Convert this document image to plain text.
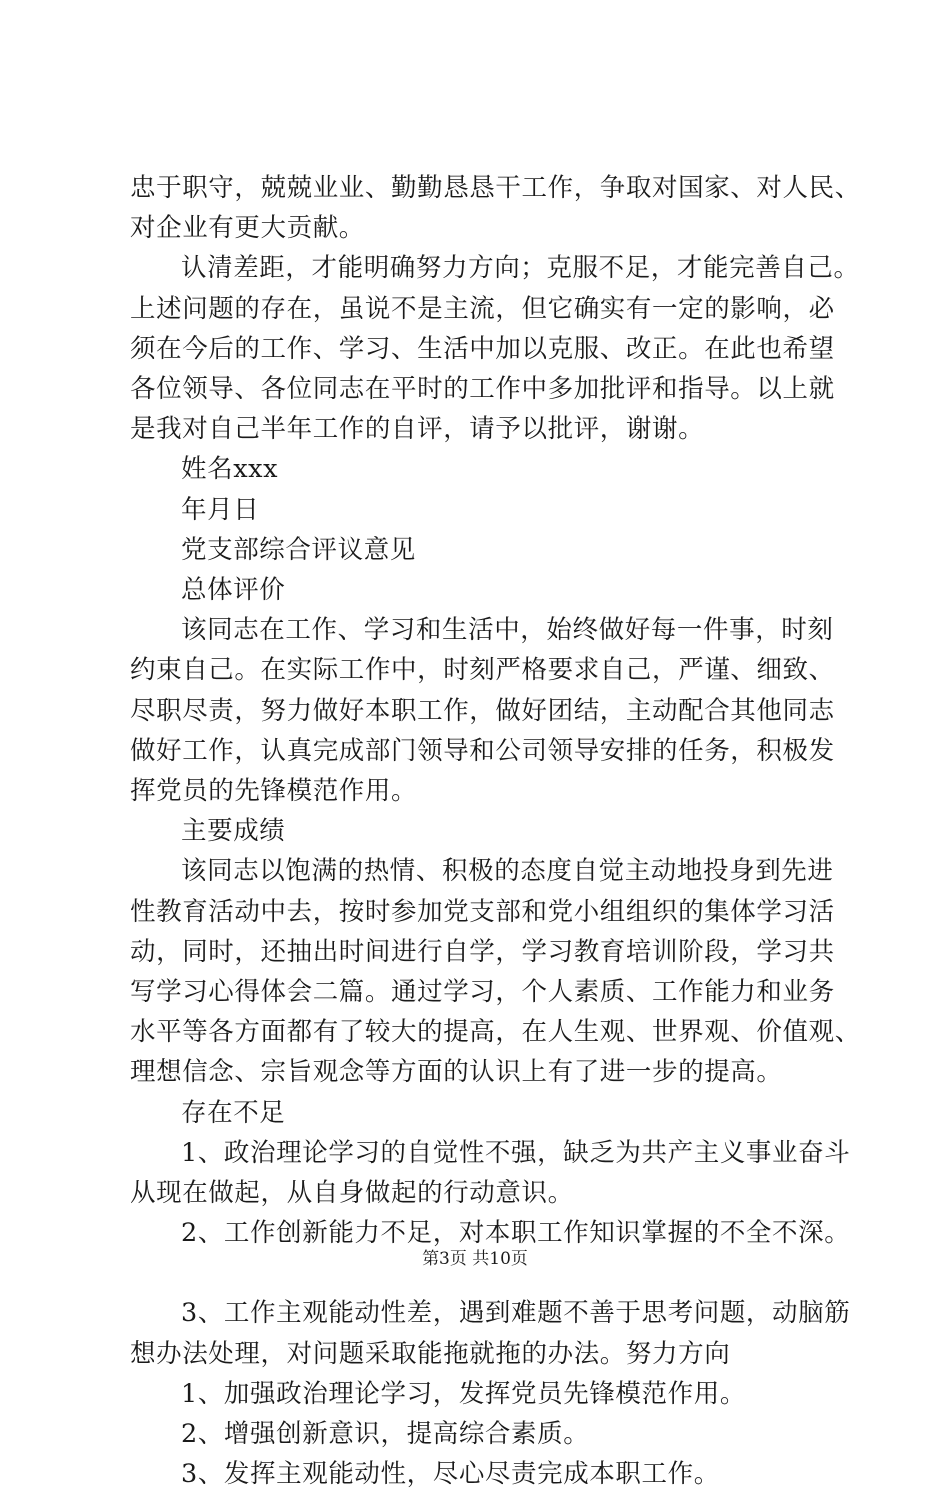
忠于职守，兢兢业业、勤勤恳恳干工作，争取对国家、对人民、

对企业有更大贡献。

认清差距，才能明确努力方向；克服不足，才能完善自己。

上述问题的存在，虽说不是主流，但它确实有一定的影响，必

须在今后的工作、学习、生活中加以克服、改正。在此也希望

各位领导、各位同志在平时的工作中多加批评和指导。以上就

是我对自己半年工作的自评，请予以批评，谢谢。

姓名xxx

年月日

党支部综合评议意见

总体评价

该同志在工作、学习和生活中，始终做好每一件事，时刻

约束自己。在实际工作中，时刻严格要求自己，严谨、细致、

尽职尽责，努力做好本职工作，做好团结，主动配合其他同志

做好工作，认真完成部门领导和公司领导安排的任务，积极发

挥党员的先锋模范作用。

主要成绩

该同志以饱满的热情、积极的态度自觉主动地投身到先进

性教育活动中去，按时参加党支部和党小组组织的集体学习活

动，同时，还抽出时间进行自学，学习教育培训阶段，学习共

写学习心得体会二篇。通过学习，个人素质、工作能力和业务

水平等各方面都有了较大的提高，在人生观、世界观、价值观、

理想信念、宗旨观念等方面的认识上有了进一步的提高。

存在不足

1、政治理论学习的自觉性不强，缺乏为共产主义事业奋斗

从现在做起，从自身做起的行动意识。

2、工作创新能力不足，对本职工作知识掌握的不全不深。

3、工作主观能动性差，遇到难题不善于思考问题，动脑筋

想办法处理，对问题采取能拖就拖的办法。努力方向

1、加强政治理论学习，发挥党员先锋模范作用。

2、增强创新意识，提高综合素质。

3、发挥主观能动性，尽心尽责完成本职工作。

第3页 共10页
